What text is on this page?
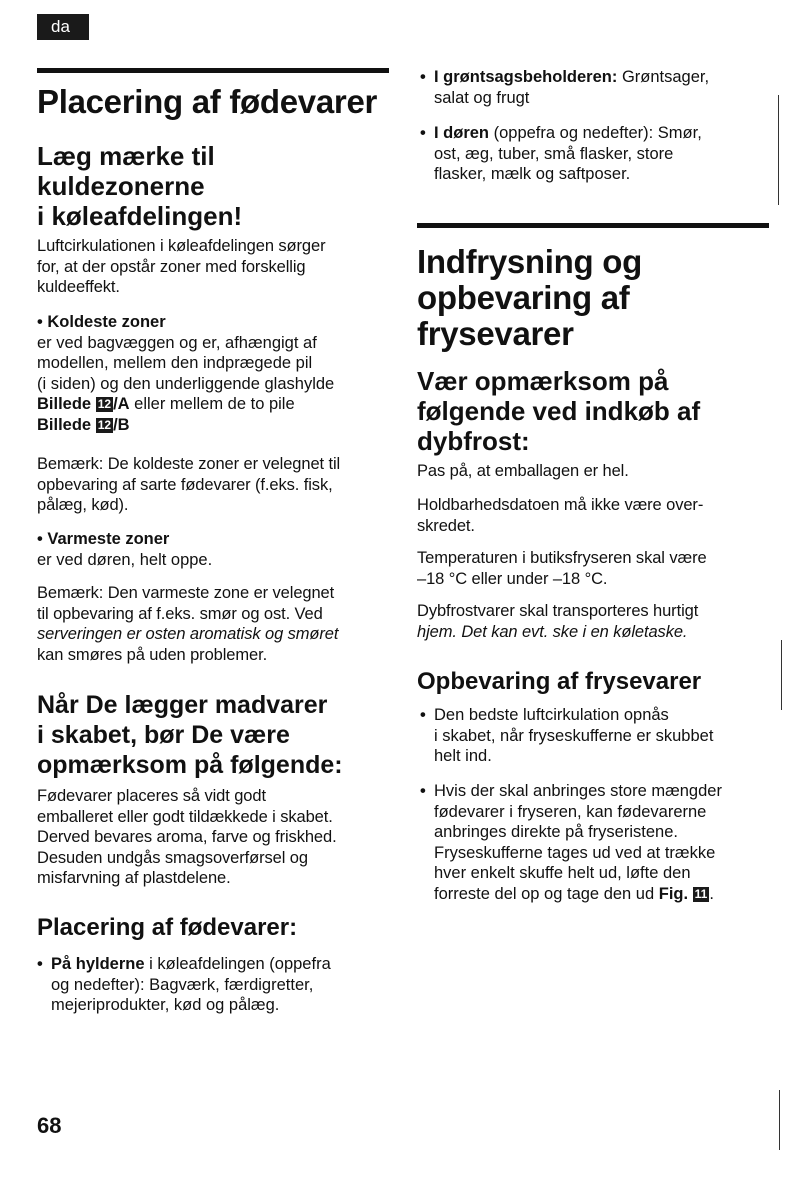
da
Placering af fødevarer
Læg mærke til
kuldezonerne
i køleafdelingen!
Luftcirkulationen i køleafdelingen sørger
for, at der opstår zoner med forskellig
kuldeeffekt.
• Koldeste zoner
er ved bagvæggen og er, afhængigt af
modellen, mellem den indprægede pil
(i siden) og den underliggende glashylde
Billede 12 /A eller mellem de to pile
Billede 12 /B
Bemærk: De koldeste zoner er velegnet til
opbevaring af sarte fødevarer (f.eks. fisk,
pålæg, kød).
• Varmeste zoner
er ved døren, helt oppe.
Bemærk: Den varmeste zone er velegnet
til opbevaring af f.eks. smør og ost. Ved
serveringen er osten aromatisk og smøret
kan smøres på uden problemer.
Når De lægger madvarer
i skabet, bør De være
opmærksom på følgende:
Fødevarer placeres så vidt godt
emballeret eller godt tildækkede i skabet.
Derved bevares aroma, farve og friskhed.
Desuden undgås smagsoverførsel og
misfarvning af plastdelene.
Placering af fødevarer:
• På hylderne i køleafdelingen (oppefra
og nedefter): Bagværk, færdigretter,
mejeriprodukter, kød og pålæg.
68
• I grøntsagsbeholderen: Grøntsager,
salat og frugt
• I døren (oppefra og nedefter): Smør,
ost, æg, tuber, små flasker, store
flasker, mælk og saftposer.
Indfrysning og
opbevaring af
frysevarer
Vær opmærksom på
følgende ved indkøb af
dybfrost:
Pas på, at emballagen er hel.
Holdbarhedsdatoen må ikke være over-
skredet.
Temperaturen i butiksfryseren skal være
–18 °C eller under –18 °C.
Dybfrostvarer skal transporteres hurtigt
hjem. Det kan evt. ske i en køletaske.
Opbevaring af frysevarer
• Den bedste luftcirkulation opnås
i skabet, når fryseskufferne er skubbet
helt ind.
• Hvis der skal anbringes store mængder
fødevarer i fryseren, kan fødevarerne
anbringes direkte på fryseristene.
Fryseskufferne tages ud ved at trække
hver enkelt skuffe helt ud, løfte den
forreste del op og tage den ud Fig. 11 .
